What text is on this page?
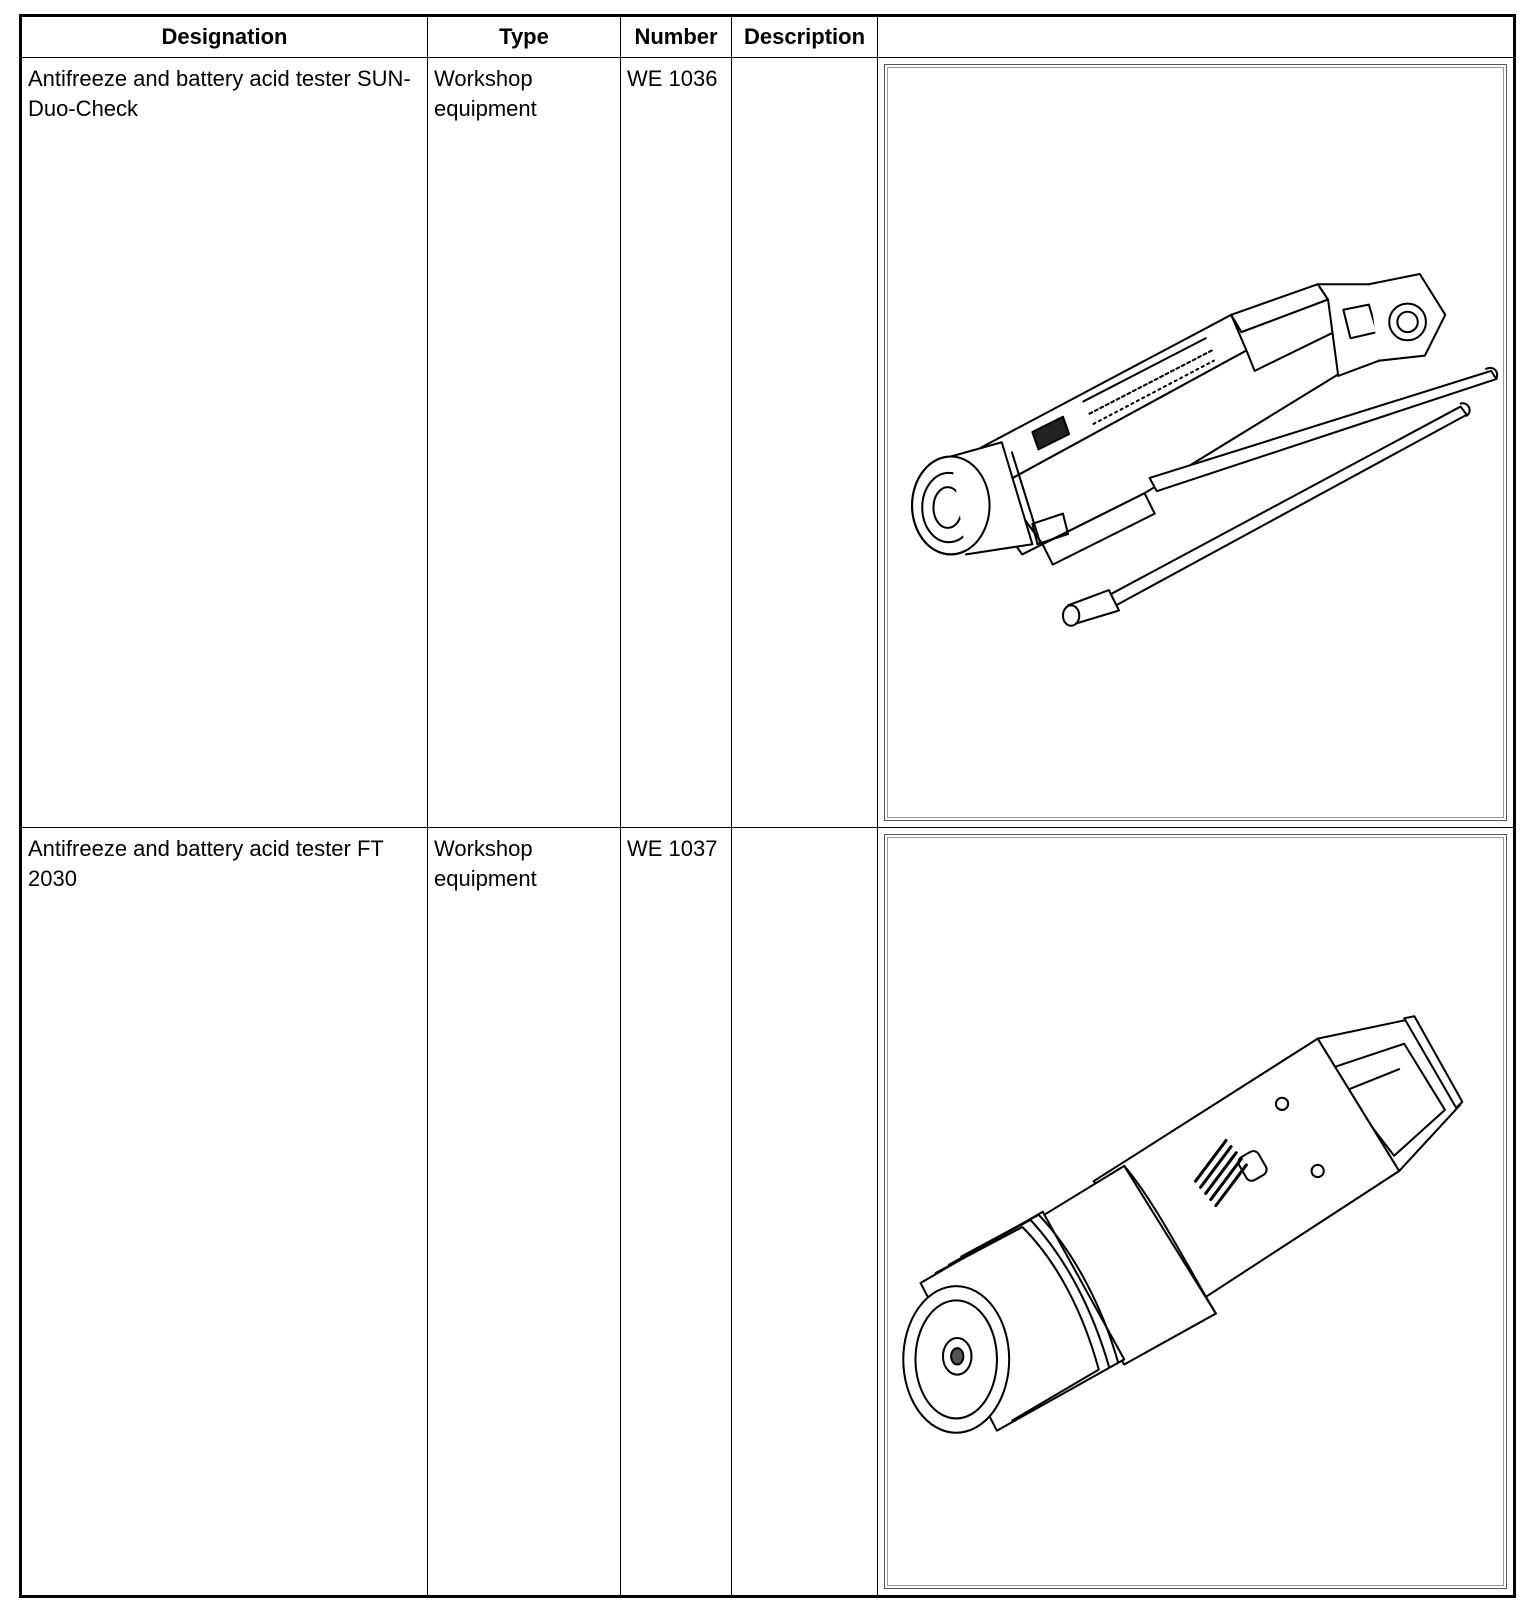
Designation	Type	Number	Description	
Antifreeze and battery acid tester SUN-Duo-Check	Workshop equipment	WE 1036		

Antifreeze and battery acid tester FT 2030	Workshop equipment	WE 1037		
